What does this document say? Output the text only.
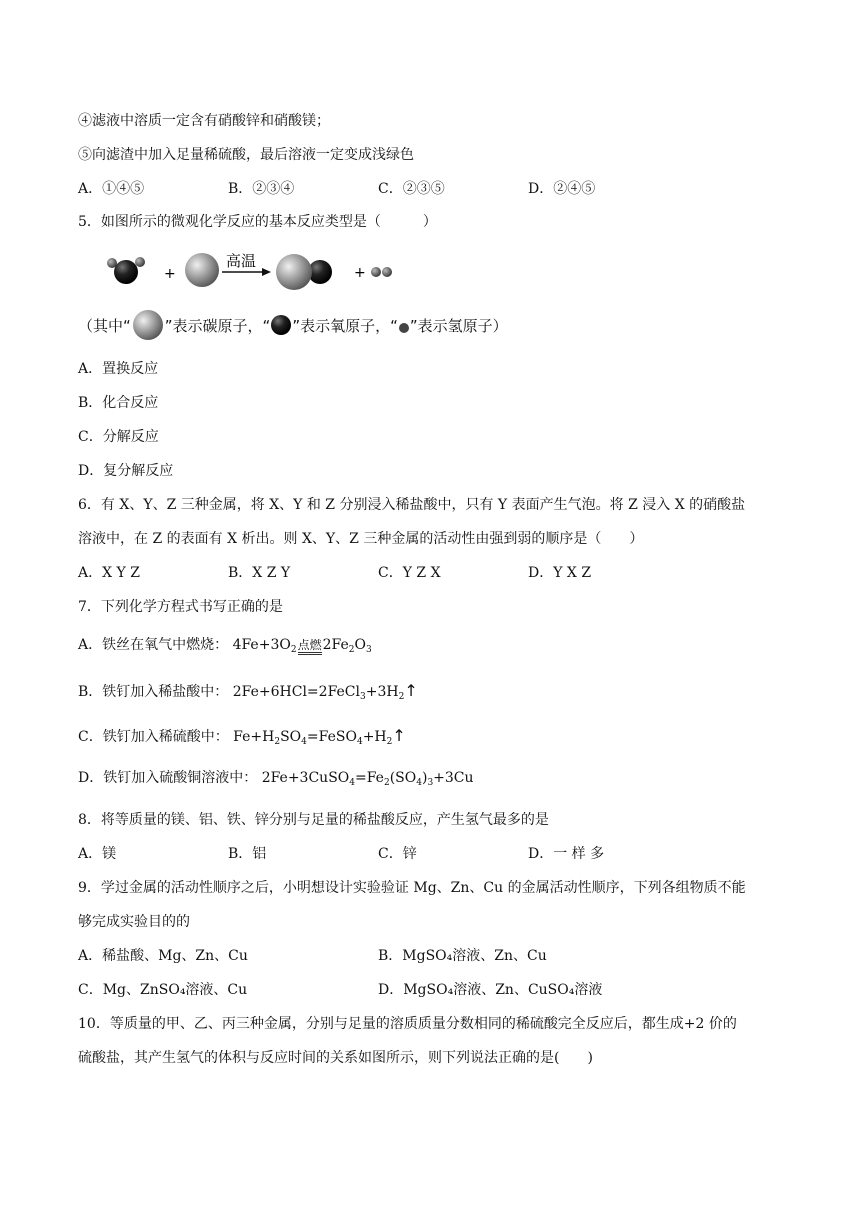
④滤液中溶质一定含有硝酸锌和硝酸镁；
⑤向滤渣中加入足量稀硫酸，最后溶液一定变成浅绿色
A．①④⑤	B．②③④	C．②③⑤	D．②④⑤
5．如图所示的微观化学反应的基本反应类型是（　　　）
+
高温
+
（其中“ ”表示碳原子，“ ”表示氧原子，“ ”表示氢原子）
A．置换反应
B．化合反应
C．分解反应
D．复分解反应
6．有 X、Y、Z 三种金属，将 X、Y 和 Z 分别浸入稀盐酸中，只有 Y 表面产生气泡。将 Z 浸入 X 的硝酸盐
溶液中，在 Z 的表面有 X 析出。则 X、Y、Z 三种金属的活动性由强到弱的顺序是（　　）
A．X Y Z	B．X Z Y	C．Y Z X	D．Y X Z
7．下列化学方程式书写正确的是
A．铁丝在氧气中燃烧： $4Fe+3O_2$点燃$2Fe_2O_3$
B．铁钉加入稀盐酸中： $2Fe+6HCl=2FeCl_3+3H_2↑$
C．铁钉加入稀硫酸中： $Fe+H_2SO_4=FeSO_4+H_2↑$
D．铁钉加入硫酸铜溶液中： $2Fe+3CuSO_4=Fe_2(SO_4)_3+3Cu$
8．将等质量的镁、铝、铁、锌分别与足量的稀盐酸反应，产生氢气最多的是
A．镁	B．铝	C．锌	D．一 样 多
9．学过金属的活动性顺序之后，小明想设计实验验证 Mg、Zn、Cu 的金属活动性顺序，下列各组物质不能
够完成实验目的的
A．稀盐酸、Mg、Zn、Cu	B．MgSO₄溶液、Zn、Cu
C．Mg、ZnSO₄溶液、Cu	D．MgSO₄溶液、Zn、CuSO₄溶液
10．等质量的甲、乙、丙三种金属，分别与足量的溶质质量分数相同的稀硫酸完全反应后，都生成+2 价的
硫酸盐，其产生氢气的体积与反应时间的关系如图所示，则下列说法正确的是(　　)
